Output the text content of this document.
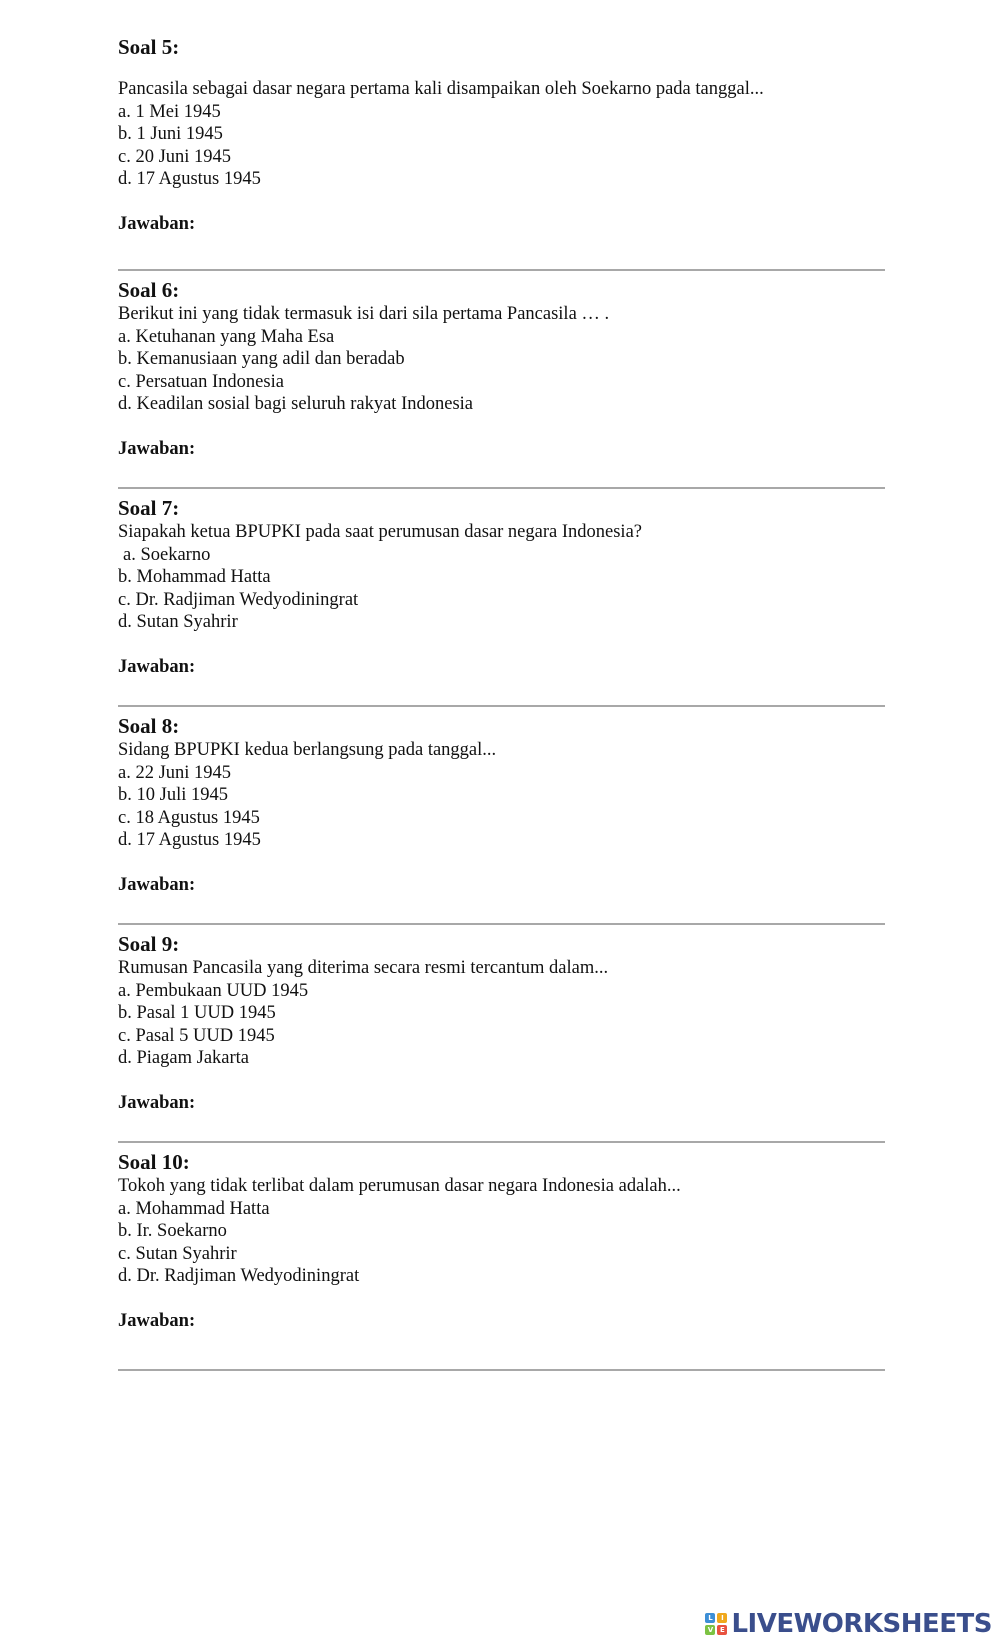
Soal 5:
Pancasila sebagai dasar negara pertama kali disampaikan oleh Soekarno pada tanggal...
a. 1 Mei 1945
b. 1 Juni 1945
c. 20 Juni 1945
d. 17 Agustus 1945
Jawaban:
Soal 6:
Berikut ini yang tidak termasuk isi dari sila pertama Pancasila … .
a. Ketuhanan yang Maha Esa
b. Kemanusiaan yang adil dan beradab
c. Persatuan Indonesia
d. Keadilan sosial bagi seluruh rakyat Indonesia
Jawaban:
Soal 7:
Siapakah ketua BPUPKI pada saat perumusan dasar negara Indonesia?
a. Soekarno
b. Mohammad Hatta
c. Dr. Radjiman Wedyodiningrat
d. Sutan Syahrir
Jawaban:
Soal 8:
Sidang BPUPKI kedua berlangsung pada tanggal...
a. 22 Juni 1945
b. 10 Juli 1945
c. 18 Agustus 1945
d. 17 Agustus 1945
Jawaban:
Soal 9:
Rumusan Pancasila yang diterima secara resmi tercantum dalam...
a. Pembukaan UUD 1945
b. Pasal 1 UUD 1945
c. Pasal 5 UUD 1945
d. Piagam Jakarta
Jawaban:
Soal 10:
Tokoh yang tidak terlibat dalam perumusan dasar negara Indonesia adalah...
a. Mohammad Hatta
b. Ir. Soekarno
c. Sutan Syahrir
d. Dr. Radjiman Wedyodiningrat
Jawaban:
L	I
V E LIVEWORKSHEETS
